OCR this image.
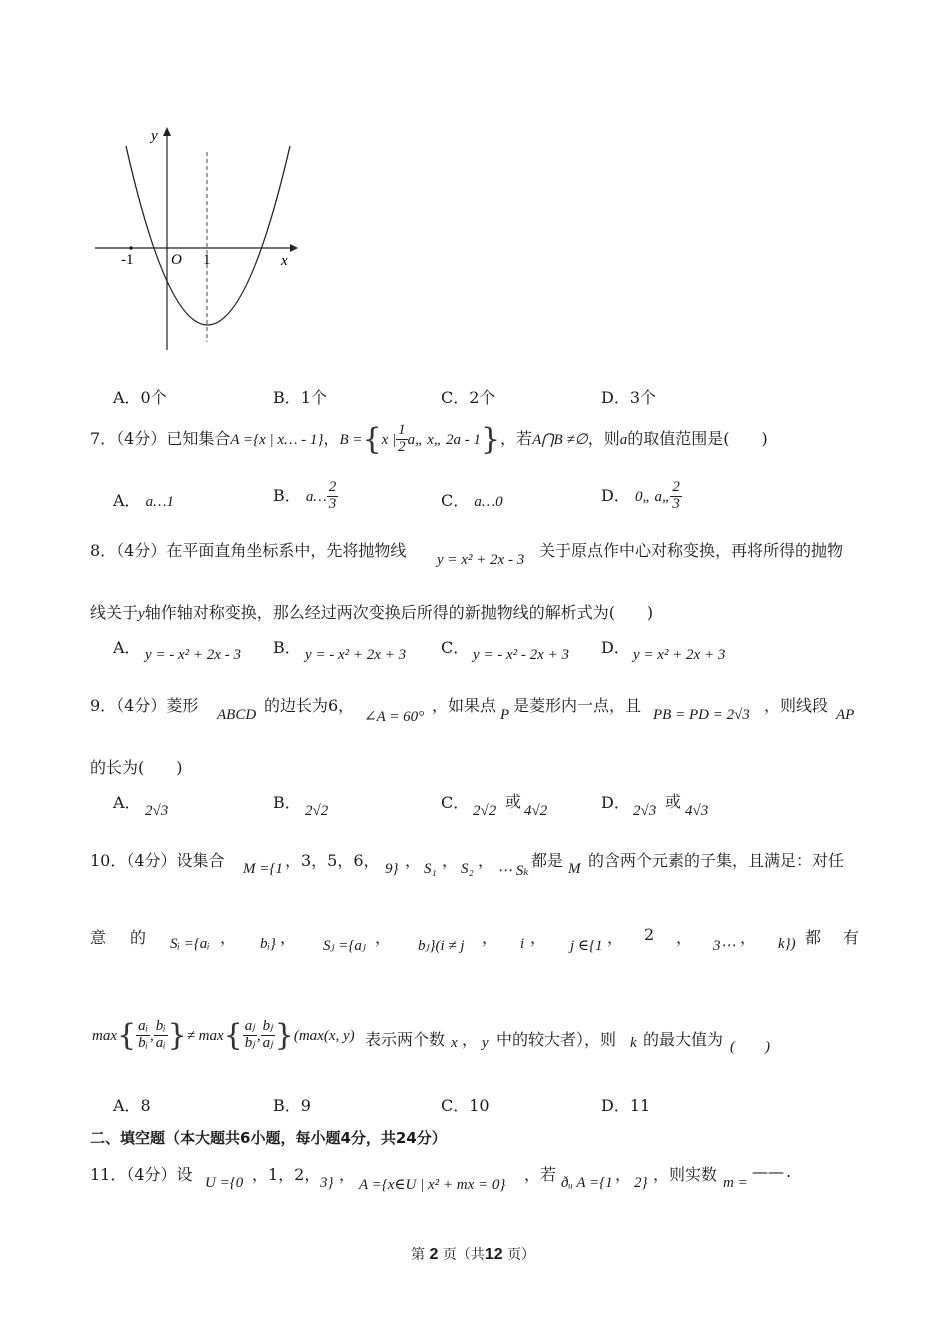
y
x
O
-1	1
A．0个	B．1个	C．2个	D．3个
7．（4分）已知集合A ={x | x… - 1}，B ={x | $\frac{1}{2}$ a„ x„ 2a - 1}，若A⋂B ≠∅，则a的取值范围是(　　)
A． a…1	B． a… $\frac{2}{3}$	C． a…0	D． 0„ a„ $\frac{2}{3}$
8．（4分）在平面直角坐标系中，先将抛物线 y = x² + 2x - 3 关于原点作中心对称变换，再将所得的抛物
线关于y轴作轴对称变换，那么经过两次变换后所得的新抛物线的解析式为(　　)
A． y = - x² + 2x - 3 B． y = - x² + 2x + 3 C． y = - x² - 2x + 3 D． y = x² + 2x + 3
9．（4分）菱形 ABCD 的边长为6，
∠A = 60°
，如果点 P 是菱形内一点，且 PB = PD = 2√3 ，则线段 AP
的长为(　　)
A． 2√3	B． 2√2	C． 2√2 或 4√2	D． 2√3 或 4√3
10．（4分）设集合 M ={1 ，3，5，6， 9} ， S₁ ， S₂ ，
⋯ Sₖ
都是 M 的含两个元素的子集，且满足：对任
意 的 Sᵢ ={aᵢ ， bᵢ} ， Sⱼ ={aⱼ ， bⱼ}(i ≠ j ， i ， j ∈{1 ， 2 ， 3⋯ ， k}) 都 有
$\max\{ \frac{\text{aᵢ}}{\text{bᵢ}}$ , $\frac{\text{bᵢ}}{\text{aᵢ}}$ }≠ $\max\{ \frac{\text{aⱼ}}{\text{bⱼ}}$ , $\frac{\text{bⱼ}}{\text{aⱼ}} \}(\max(x$, y) 表示两个数 x ， y 中的较大者），则 k 的最大值为 (　　)
A．8	B．9	C．10	D．11
二、填空题（本大题共6小题，每小题4分，共24分）
11．（4分）设 U ={0 ，1，2， 3} ，
A ={x∈U | x² + mx = 0}
，若 ðᵤ A ={1 ， 2} ，则实数 m =
—— .
第 2 页（共12 页）
